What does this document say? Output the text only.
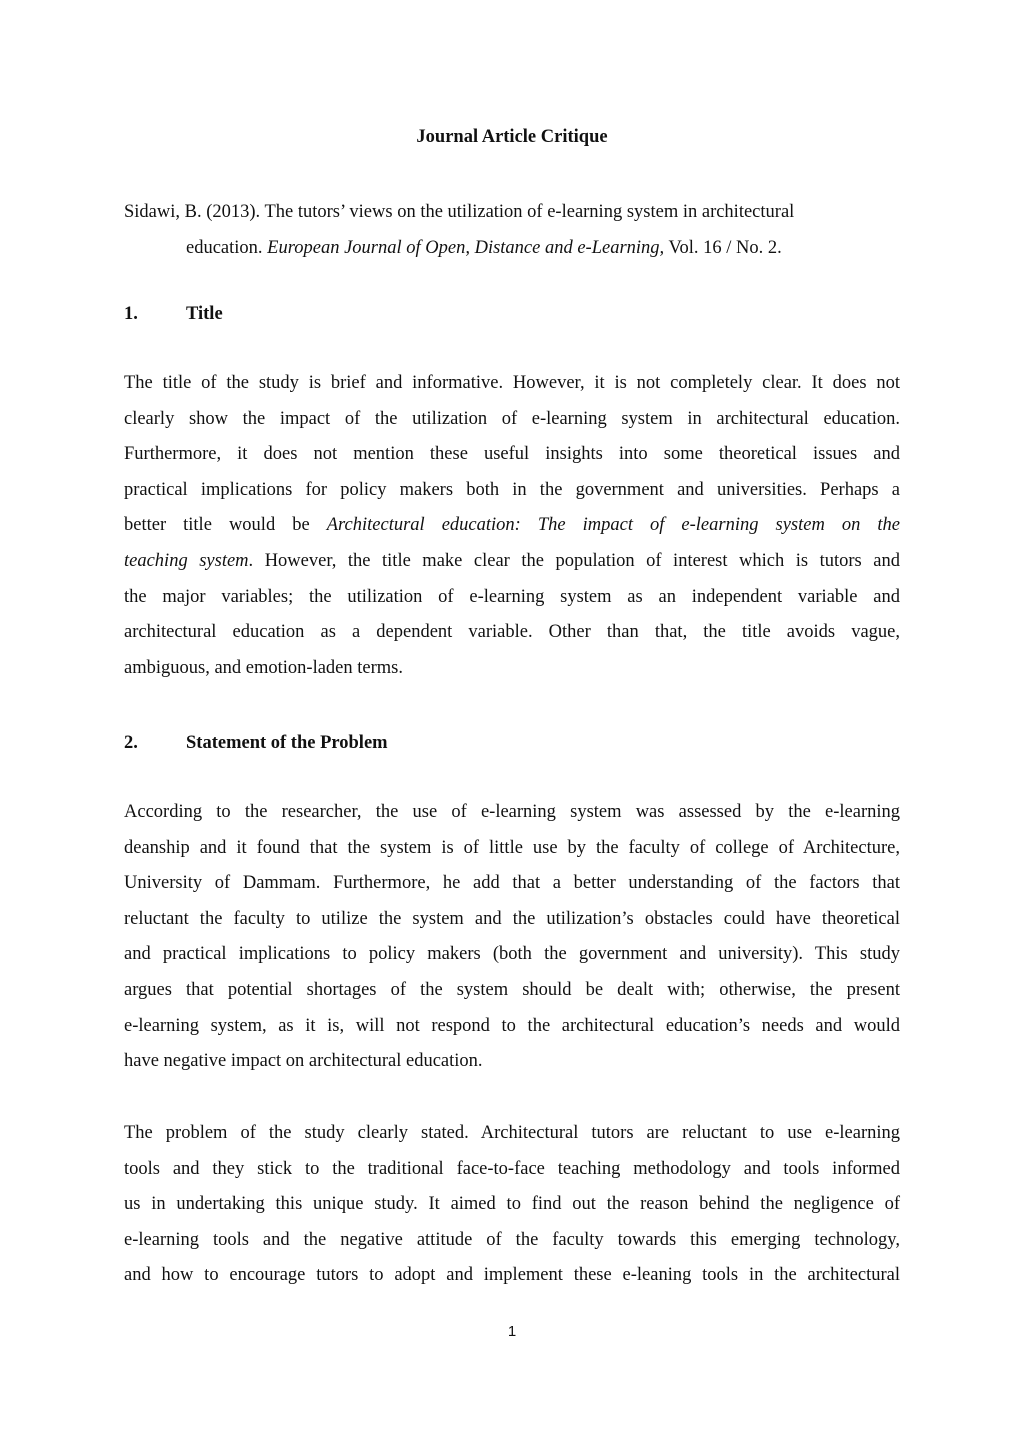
Journal Article Critique

Sidawi, B. (2013). The tutors’ views on the utilization of e-learning system in architectural
education. European Journal of Open, Distance and e-Learning, Vol. 16 / No. 2.

1.	Title
The title of the study is brief and informative. However, it is not completely clear. It does not
clearly show the impact of the utilization of e-learning system in architectural education.
Furthermore, it does not mention these useful insights into some theoretical issues and
practical implications for policy makers both in the government and universities. Perhaps a
better title would be Architectural education: The impact of e-learning system on the
teaching system. However, the title make clear the population of interest which is tutors and
the major variables; the utilization of e-learning system as an independent variable and
architectural education as a dependent variable. Other than that, the title avoids vague,
ambiguous, and emotion-laden terms.
2.	Statement of the Problem
According to the researcher, the use of e-learning system was assessed by the e-learning
deanship and it found that the system is of little use by the faculty of college of Architecture,
University of Dammam. Furthermore, he add that a better understanding of the factors that
reluctant the faculty to utilize the system and the utilization’s obstacles could have theoretical
and practical implications to policy makers (both the government and university). This study
argues that potential shortages of the system should be dealt with; otherwise, the present
e-learning system, as it is, will not respond to the architectural education’s needs and would
have negative impact on architectural education.
The problem of the study clearly stated. Architectural tutors are reluctant to use e-learning
tools and they stick to the traditional face-to-face teaching methodology and tools informed
us in undertaking this unique study. It aimed to find out the reason behind the negligence of
e-learning tools and the negative attitude of the faculty towards this emerging technology,
and how to encourage tutors to adopt and implement these e-leaning tools in the architectural

1
